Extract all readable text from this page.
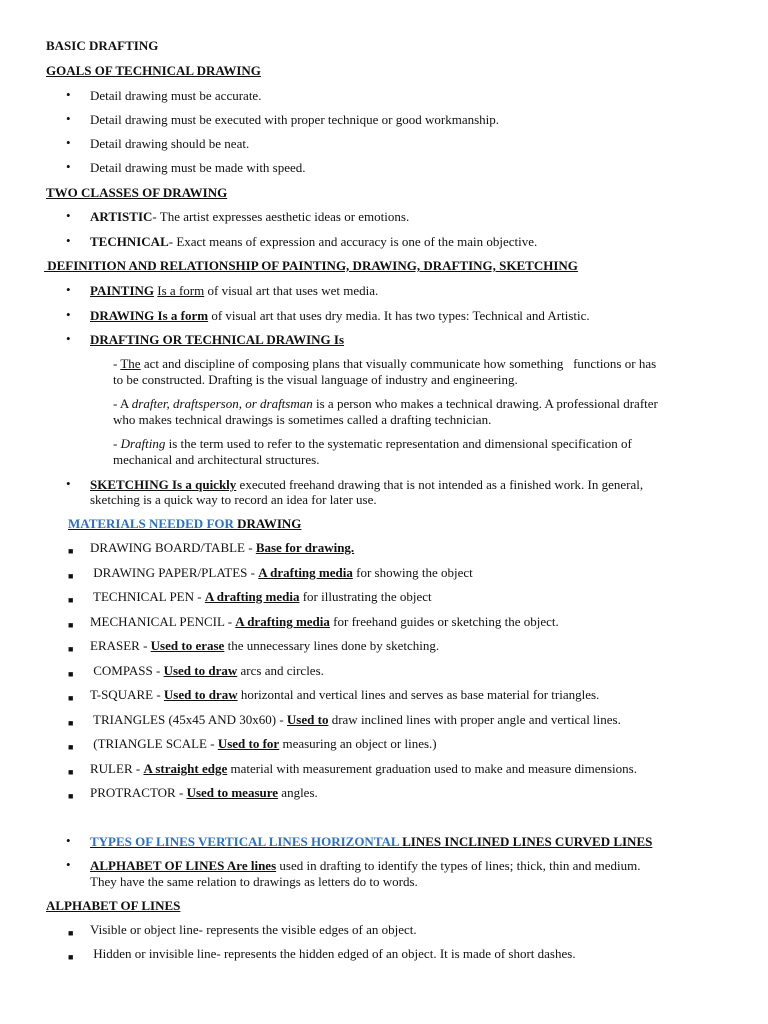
BASIC DRAFTING
GOALS OF TECHNICAL DRAWING
• Detail drawing must be accurate.
• Detail drawing must be executed with proper technique or good workmanship.
• Detail drawing should be neat.
• Detail drawing must be made with speed.
TWO CLASSES OF DRAWING
• ARTISTIC- The artist expresses aesthetic ideas or emotions.
• TECHNICAL- Exact means of expression and accuracy is one of the main objective.
DEFINITION AND RELATIONSHIP OF PAINTING, DRAWING, DRAFTING, SKETCHING
• PAINTING Is a form of visual art that uses wet media.
• DRAWING Is a form of visual art that uses dry media. It has two types: Technical and Artistic.
• DRAFTING OR TECHNICAL DRAWING Is
- The act and discipline of composing plans that visually communicate how something   functions or has
to be constructed. Drafting is the visual language of industry and engineering.
- A drafter, draftsperson, or draftsman is a person who makes a technical drawing. A professional drafter
who makes technical drawings is sometimes called a drafting technician.
- Drafting is the term used to refer to the systematic representation and dimensional specification of
mechanical and architectural structures.
• SKETCHING Is a quickly executed freehand drawing that is not intended as a finished work. In general,
sketching is a quick way to record an idea for later use.
MATERIALS NEEDED FOR DRAWING
■ DRAWING BOARD/TABLE - Base for drawing.
■ DRAWING PAPER/PLATES - A drafting media for showing the object
■ TECHNICAL PEN - A drafting media for illustrating the object
■ MECHANICAL PENCIL - A drafting media for freehand guides or sketching the object.
■ ERASER - Used to erase the unnecessary lines done by sketching.
■ COMPASS - Used to draw arcs and circles.
■ T-SQUARE - Used to draw horizontal and vertical lines and serves as base material for triangles.
■ TRIANGLES (45x45 AND 30x60) - Used to draw inclined lines with proper angle and vertical lines.
■ (TRIANGLE SCALE - Used to for measuring an object or lines.)
■ RULER - A straight edge material with measurement graduation used to make and measure dimensions.
■ PROTRACTOR - Used to measure angles.
• TYPES OF LINES VERTICAL LINES HORIZONTAL LINES INCLINED LINES CURVED LINES
• ALPHABET OF LINES Are lines used in drafting to identify the types of lines; thick, thin and medium.
They have the same relation to drawings as letters do to words.
ALPHABET OF LINES
■ Visible or object line- represents the visible edges of an object.
■ Hidden or invisible line- represents the hidden edged of an object. It is made of short dashes.
